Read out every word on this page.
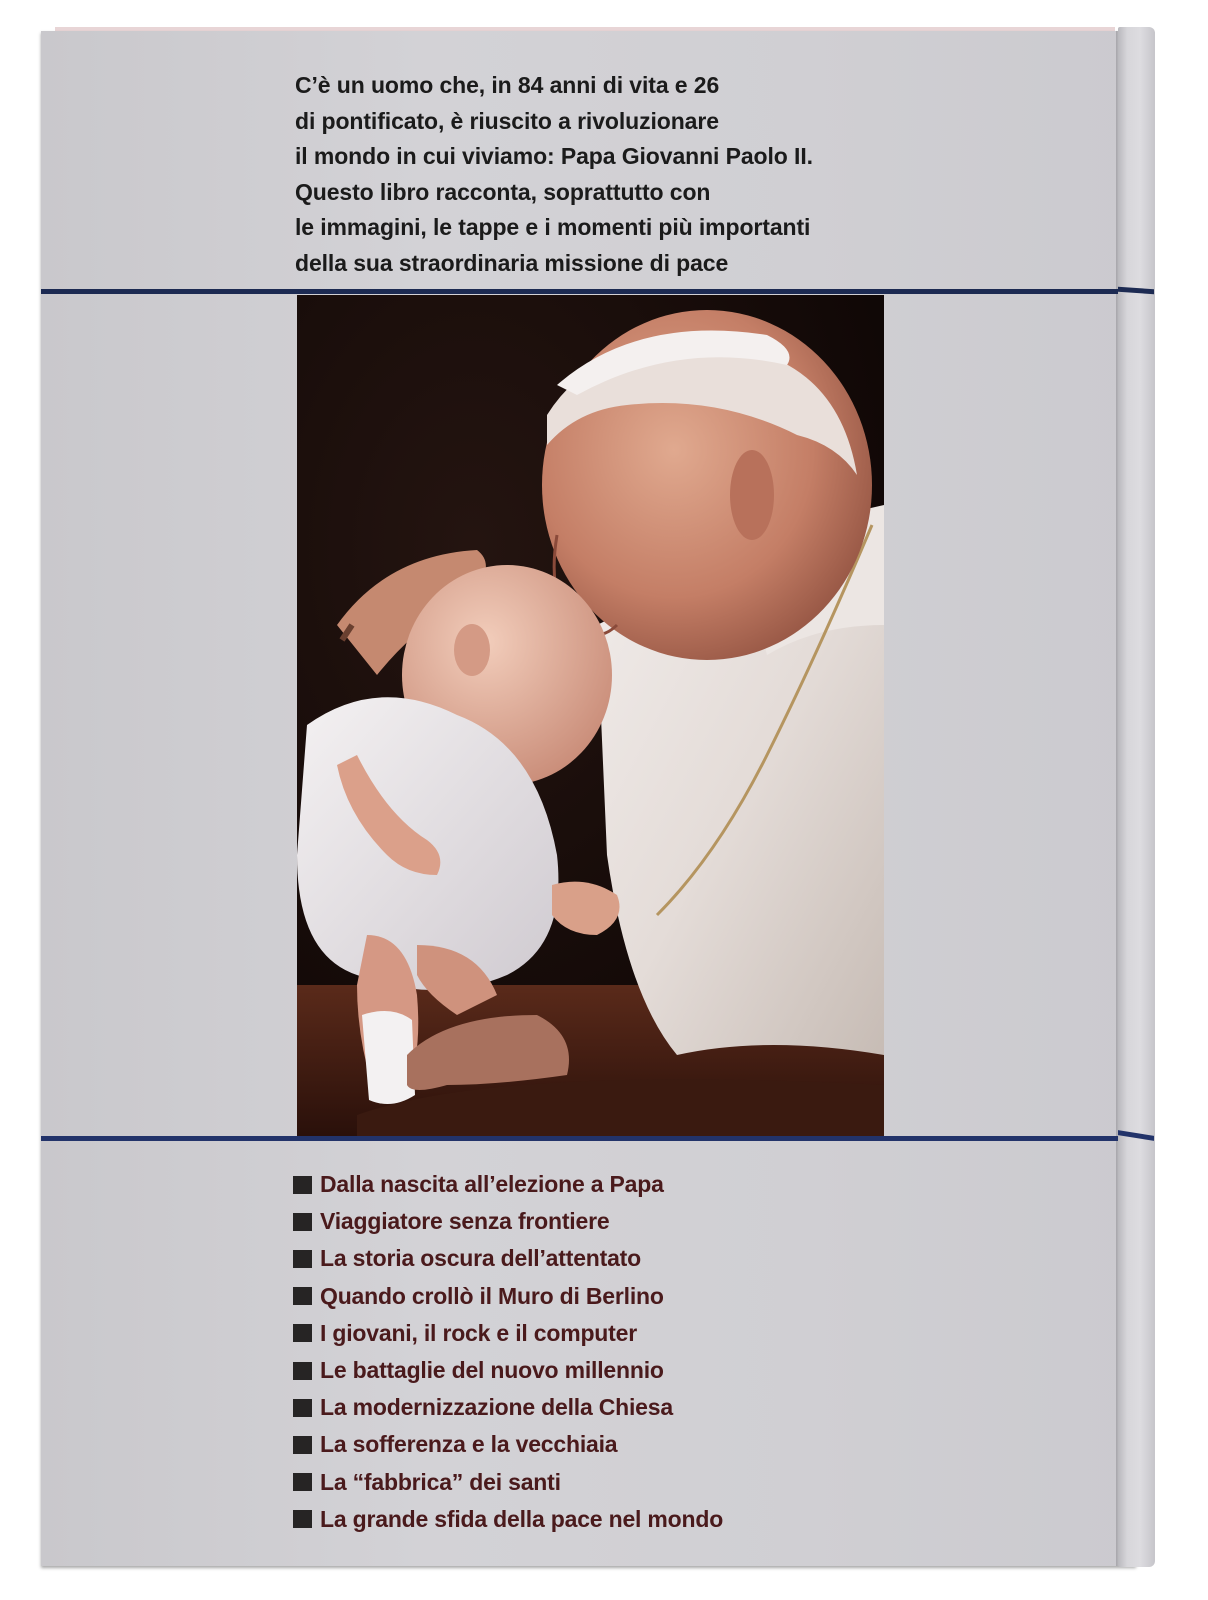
C’è un uomo che, in 84 anni di vita e 26
di pontificato, è riuscito a rivoluzionare
il mondo in cui viviamo: Papa Giovanni Paolo II.
Questo libro racconta, soprattutto con
le immagini, le tappe e i momenti più importanti
della sua straordinaria missione di pace
Dalla nascita all’elezione a Papa
Viaggiatore senza frontiere
La storia oscura dell’attentato
Quando crollò il Muro di Berlino
I giovani, il rock e il computer
Le battaglie del nuovo millennio
La modernizzazione della Chiesa
La sofferenza e la vecchiaia
La “fabbrica” dei santi
La grande sfida della pace nel mondo
